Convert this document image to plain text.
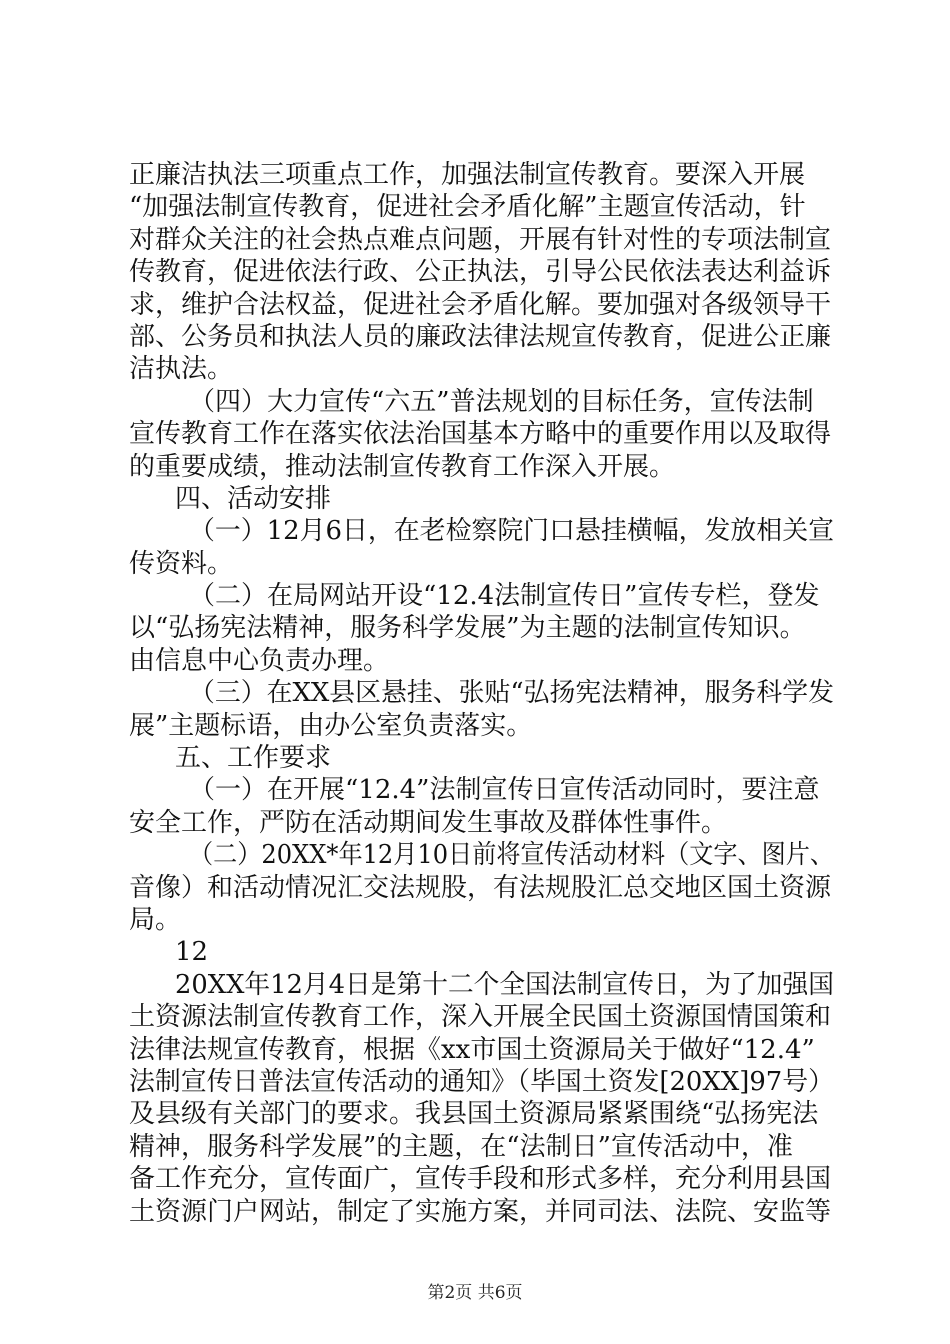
正廉洁执法三项重点工作，加强法制宣传教育。要深入开展
“加强法制宣传教育，促进社会矛盾化解”主题宣传活动，针
对群众关注的社会热点难点问题，开展有针对性的专项法制宣
传教育，促进依法行政、公正执法，引导公民依法表达利益诉
求，维护合法权益，促进社会矛盾化解。要加强对各级领导干
部、公务员和执法人员的廉政法律法规宣传教育，促进公正廉
洁执法。
（四）大力宣传“六五”普法规划的目标任务，宣传法制
宣传教育工作在落实依法治国基本方略中的重要作用以及取得
的重要成绩，推动法制宣传教育工作深入开展。
四、活动安排
（一）12月6日，在老检察院门口悬挂横幅，发放相关宣
传资料。
（二）在局网站开设“12.4法制宣传日”宣传专栏，登发
以“弘扬宪法精神，服务科学发展”为主题的法制宣传知识。
由信息中心负责办理。
（三）在XX县区悬挂、张贴“弘扬宪法精神，服务科学发
展”主题标语，由办公室负责落实。
五、工作要求
（一）在开展“12.4”法制宣传日宣传活动同时，要注意
安全工作，严防在活动期间发生事故及群体性事件。
（二）20XX*年12月10日前将宣传活动材料（文字、图片、
音像）和活动情况汇交法规股，有法规股汇总交地区国土资源
局。
12
20XX年12月4日是第十二个全国法制宣传日，为了加强国
土资源法制宣传教育工作，深入开展全民国土资源国情国策和
法律法规宣传教育，根据《xx市国土资源局关于做好“12.4”
法制宣传日普法宣传活动的通知》（毕国土资发[20XX]97号）
及县级有关部门的要求。我县国土资源局紧紧围绕“弘扬宪法
精神，服务科学发展”的主题，在“法制日”宣传活动中，准
备工作充分，宣传面广，宣传手段和形式多样，充分利用县国
土资源门户网站，制定了实施方案，并同司法、法院、安监等
第2页 共6页
